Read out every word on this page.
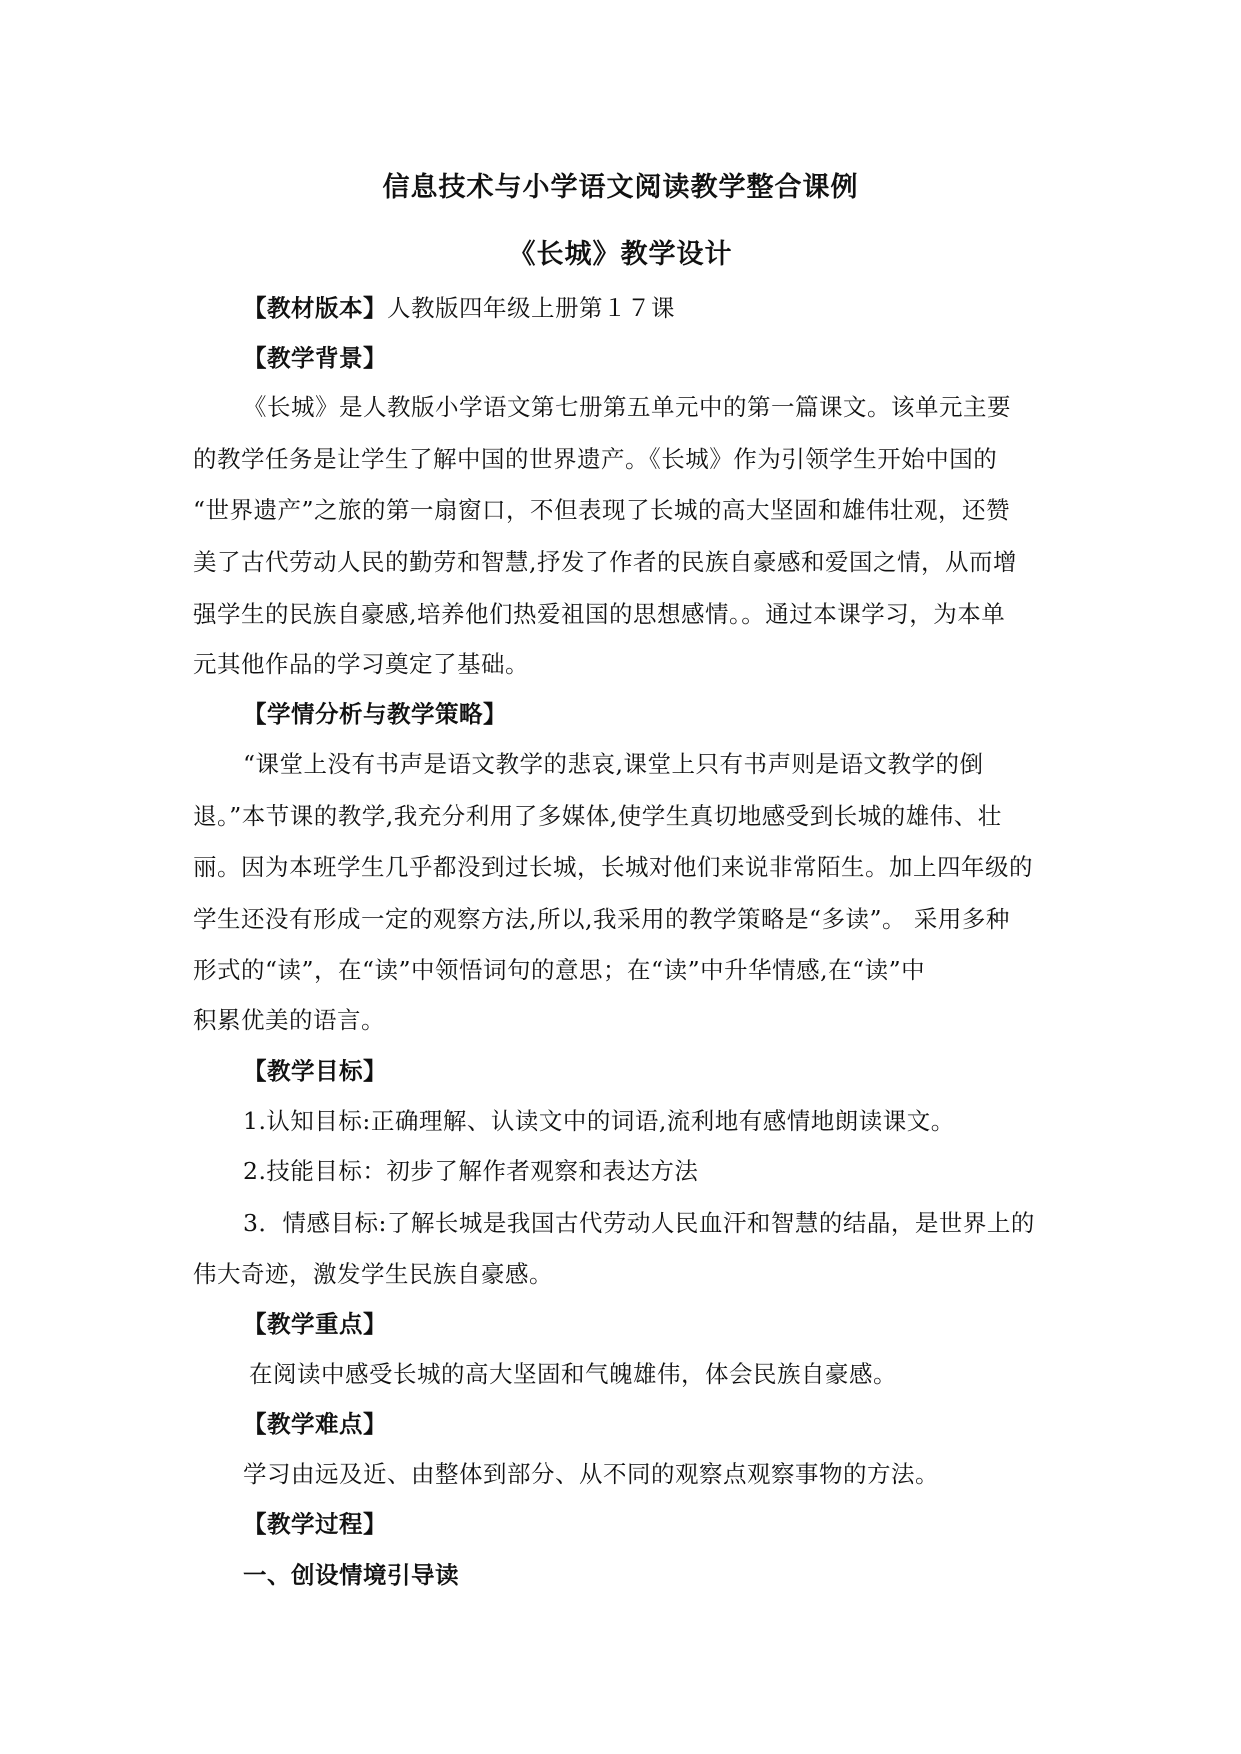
信息技术与小学语文阅读教学整合课例
《长城》教学设计
【教材版本】人教版四年级上册第１７课
【教学背景】
《长城》是人教版小学语文第七册第五单元中的第一篇课文。该单元主要
的教学任务是让学生了解中国的世界遗产。《长城》作为引领学生开始中国的
“世界遗产”之旅的第一扇窗口，不但表现了长城的高大坚固和雄伟壮观，还赞
美了古代劳动人民的勤劳和智慧,抒发了作者的民族自豪感和爱国之情，从而增
强学生的民族自豪感,培养他们热爱祖国的思想感情。。通过本课学习，为本单
元其他作品的学习奠定了基础。
【学情分析与教学策略】
“课堂上没有书声是语文教学的悲哀,课堂上只有书声则是语文教学的倒
退。”本节课的教学,我充分利用了多媒体,使学生真切地感受到长城的雄伟、壮
丽。因为本班学生几乎都没到过长城，长城对他们来说非常陌生。加上四年级的
学生还没有形成一定的观察方法,所以,我采用的教学策略是“多读”。 采用多种
形式的“读”，在“读”中领悟词句的意思；在“读”中升华情感,在“读”中
积累优美的语言。
【教学目标】
1.认知目标:正确理解、认读文中的词语,流利地有感情地朗读课文。
2.技能目标：初步了解作者观察和表达方法
3．情感目标:了解长城是我国古代劳动人民血汗和智慧的结晶，是世界上的
伟大奇迹，激发学生民族自豪感。
【教学重点】
在阅读中感受长城的高大坚固和气魄雄伟，体会民族自豪感。
【教学难点】
学习由远及近、由整体到部分、从不同的观察点观察事物的方法。
【教学过程】
一、创设情境引导读
